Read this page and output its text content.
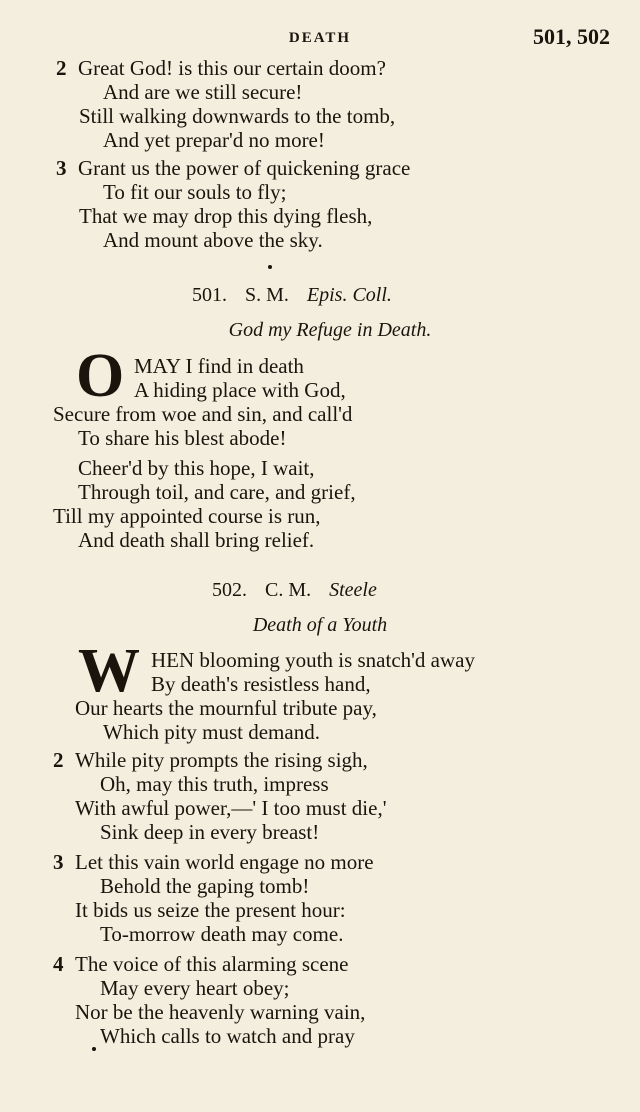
DEATH	501, 502
2 Great God! is this our certain doom?
And are we still secure!
Still walking downwards to the tomb,
And yet prepar'd no more!
3 Grant us the power of quickening grace
To fit our souls to fly;
That we may drop this dying flesh,
And mount above the sky.
501. S. M. Epis. Coll.
God my Refuge in Death.
O MAY I find in death
A hiding place with God,
Secure from woe and sin, and call'd
To share his blest abode!
Cheer'd by this hope, I wait,
Through toil, and care, and grief,
Till my appointed course is run,
And death shall bring relief.
502. C. M. Steele
Death of a Youth
W HEN blooming youth is snatch'd away
By death's resistless hand,
Our hearts the mournful tribute pay,
Which pity must demand.
2 While pity prompts the rising sigh,
Oh, may this truth, impress
With awful power,—' I too must die,'
Sink deep in every breast!
3 Let this vain world engage no more
Behold the gaping tomb!
It bids us seize the present hour:
To-morrow death may come.
4 The voice of this alarming scene
May every heart obey;
Nor be the heavenly warning vain,
Which calls to watch and pray
